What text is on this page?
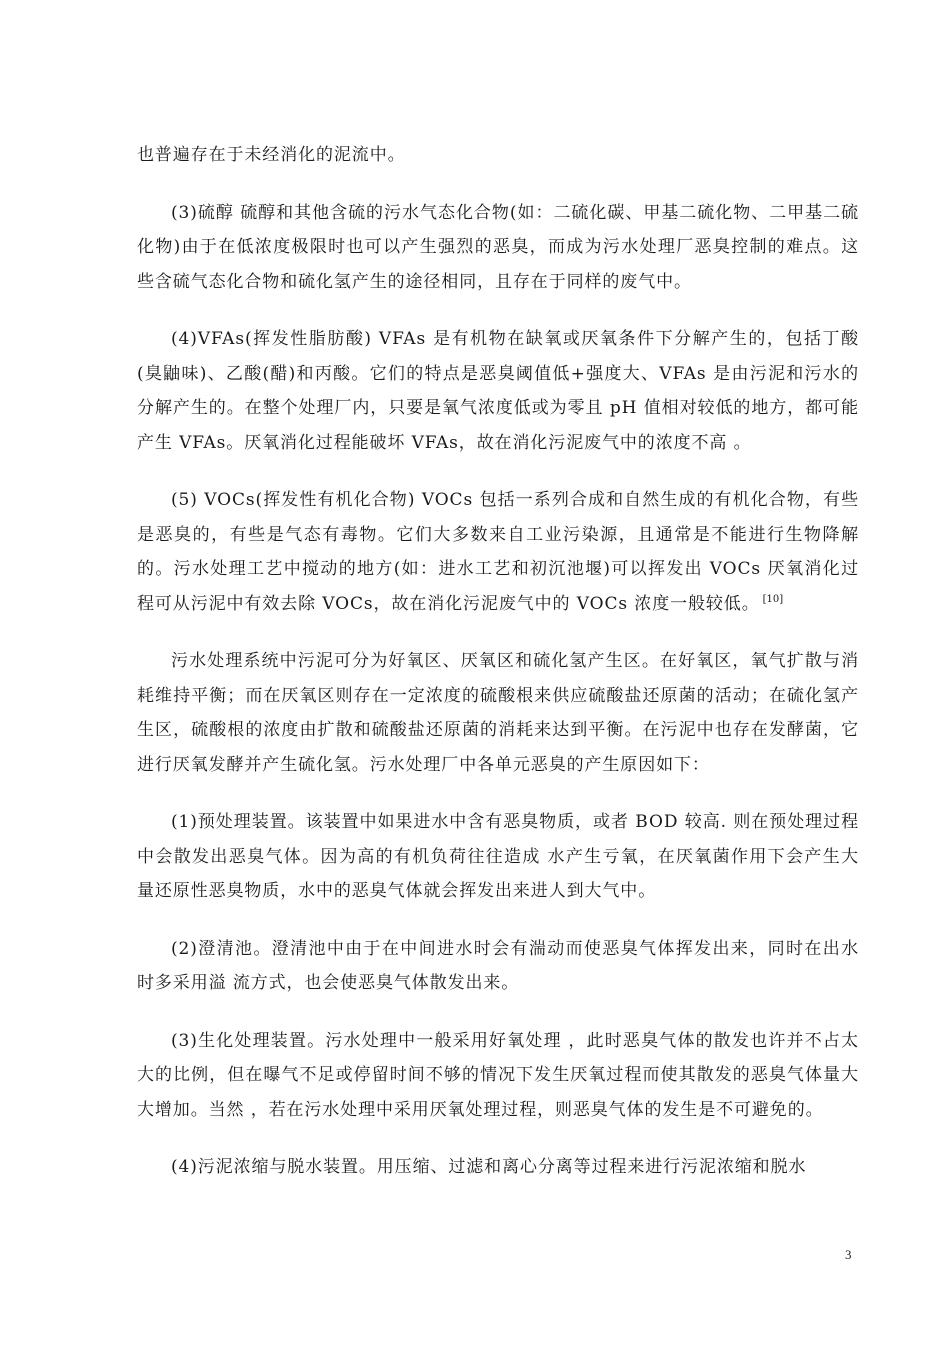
也普遍存在于未经消化的泥流中。

(3)硫醇 硫醇和其他含硫的污水气态化合物(如：二硫化碳、甲基二硫化物、二甲基二硫化物)由于在低浓度极限时也可以产生强烈的恶臭，而成为污水处理厂恶臭控制的难点。这些含硫气态化合物和硫化氢产生的途径相同，且存在于同样的废气中。

(4)VFAs(挥发性脂肪酸) VFAs 是有机物在缺氧或厌氧条件下分解产生的，包括丁酸(臭鼬味)、乙酸(醋)和丙酸。它们的特点是恶臭阈值低+强度大、VFAs 是由污泥和污水的分解产生的。在整个处理厂内，只要是氧气浓度低或为零且 pH 值相对较低的地方，都可能产生 VFAs。厌氧消化过程能破坏 VFAs，故在消化污泥废气中的浓度不高 。

(5) VOCs(挥发性有机化合物) VOCs 包括一系列合成和自然生成的有机化合物，有些是恶臭的，有些是气态有毒物。它们大多数来自工业污染源，且通常是不能进行生物降解的。污水处理工艺中搅动的地方(如：进水工艺和初沉池堰)可以挥发出 VOCs 厌氧消化过程可从污泥中有效去除 VOCs，故在消化污泥废气中的 VOCs 浓度一般较低。 [10]

污水处理系统中污泥可分为好氧区、厌氧区和硫化氢产生区。在好氧区，氧气扩散与消耗维持平衡；而在厌氧区则存在一定浓度的硫酸根来供应硫酸盐还原菌的活动；在硫化氢产生区，硫酸根的浓度由扩散和硫酸盐还原菌的消耗来达到平衡。在污泥中也存在发酵菌，它进行厌氧发酵并产生硫化氢。污水处理厂中各单元恶臭的产生原因如下：

(1)预处理装置。该装置中如果进水中含有恶臭物质，或者 BOD 较高. 则在预处理过程中会散发出恶臭气体。因为高的有机负荷往往造成 水产生亏氧，在厌氧菌作用下会产生大量还原性恶臭物质，水中的恶臭气体就会挥发出来进人到大气中。

(2)澄清池。澄清池中由于在中间进水时会有湍动而使恶臭气体挥发出来，同时在出水时多采用溢 流方式，也会使恶臭气体散发出来。

(3)生化处理装置。污水处理中一般采用好氧处理 ，此时恶臭气体的散发也许并不占太大的比例，但在曝气不足或停留时间不够的情况下发生厌氧过程而使其散发的恶臭气体量大大增加。当然 ，若在污水处理中采用厌氧处理过程，则恶臭气体的发生是不可避免的。

(4)污泥浓缩与脱水装置。用压缩、过滤和离心分离等过程来进行污泥浓缩和脱水

3
